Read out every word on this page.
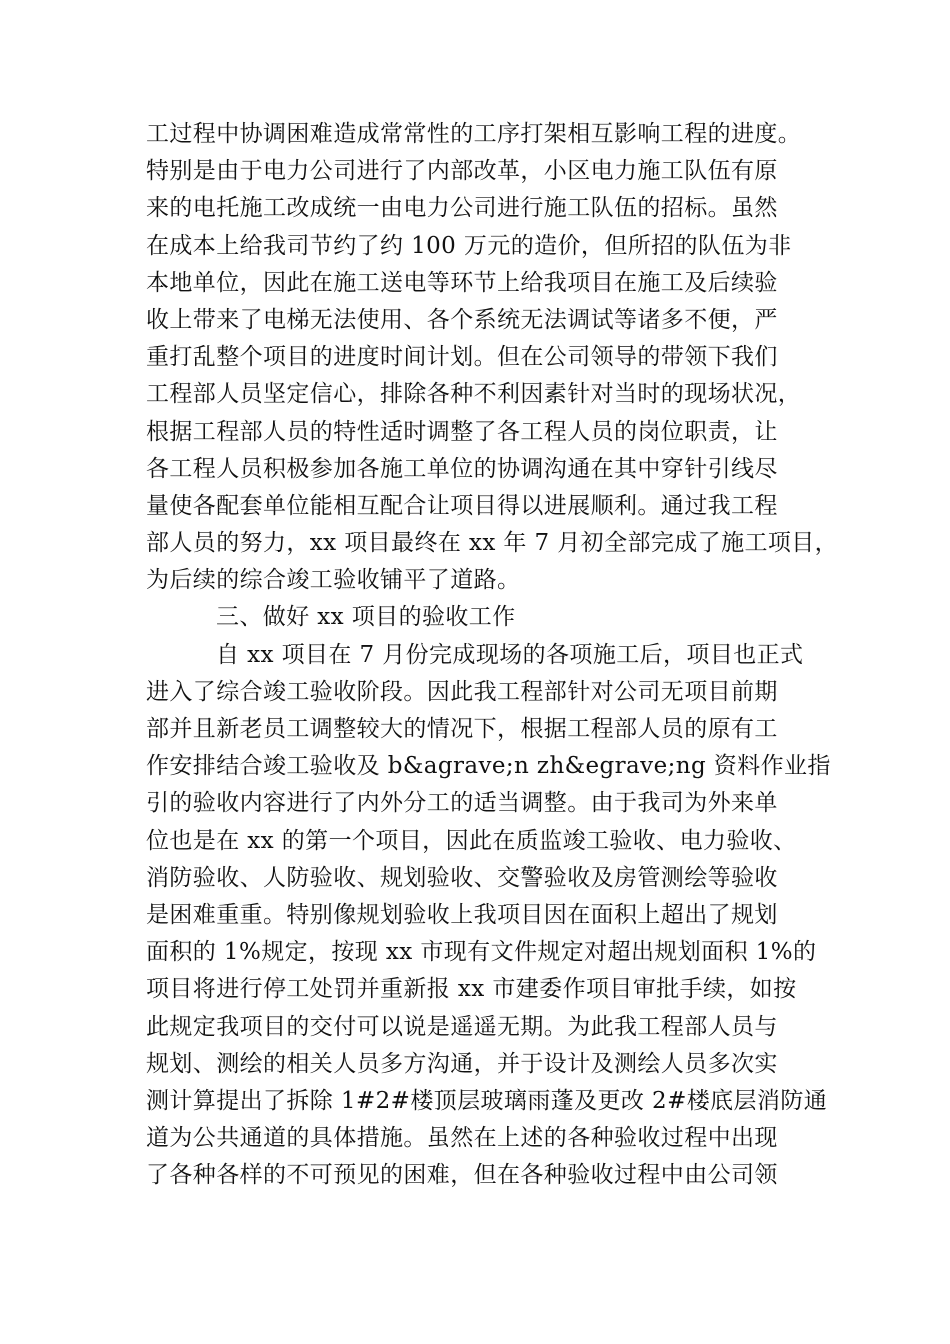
工过程中协调困难造成常常性的工序打架相互影响工程的进度。
特别是由于电力公司进行了内部改革，小区电力施工队伍有原
来的电托施工改成统一由电力公司进行施工队伍的招标。虽然
在成本上给我司节约了约 100 万元的造价，但所招的队伍为非
本地单位，因此在施工送电等环节上给我项目在施工及后续验
收上带来了电梯无法使用、各个系统无法调试等诸多不便，严
重打乱整个项目的进度时间计划。但在公司领导的带领下我们
工程部人员坚定信心，排除各种不利因素针对当时的现场状况，
根据工程部人员的特性适时调整了各工程人员的岗位职责，让
各工程人员积极参加各施工单位的协调沟通在其中穿针引线尽
量使各配套单位能相互配合让项目得以进展顺利。通过我工程
部人员的努力，xx 项目最终在 xx 年 7 月初全部完成了施工项目，
为后续的综合竣工验收铺平了道路。
三、做好 xx 项目的验收工作
自 xx 项目在 7 月份完成现场的各项施工后，项目也正式
进入了综合竣工验收阶段。因此我工程部针对公司无项目前期
部并且新老员工调整较大的情况下，根据工程部人员的原有工
作安排结合竣工验收及 b&agrave;n zh&egrave;ng 资料作业指
引的验收内容进行了内外分工的适当调整。由于我司为外来单
位也是在 xx 的第一个项目，因此在质监竣工验收、电力验收、
消防验收、人防验收、规划验收、交警验收及房管测绘等验收
是困难重重。特别像规划验收上我项目因在面积上超出了规划
面积的 1%规定，按现 xx 市现有文件规定对超出规划面积 1%的
项目将进行停工处罚并重新报 xx 市建委作项目审批手续，如按
此规定我项目的交付可以说是遥遥无期。为此我工程部人员与
规划、测绘的相关人员多方沟通，并于设计及测绘人员多次实
测计算提出了拆除 1#2#楼顶层玻璃雨蓬及更改 2#楼底层消防通
道为公共通道的具体措施。虽然在上述的各种验收过程中出现
了各种各样的不可预见的困难，但在各种验收过程中由公司领
